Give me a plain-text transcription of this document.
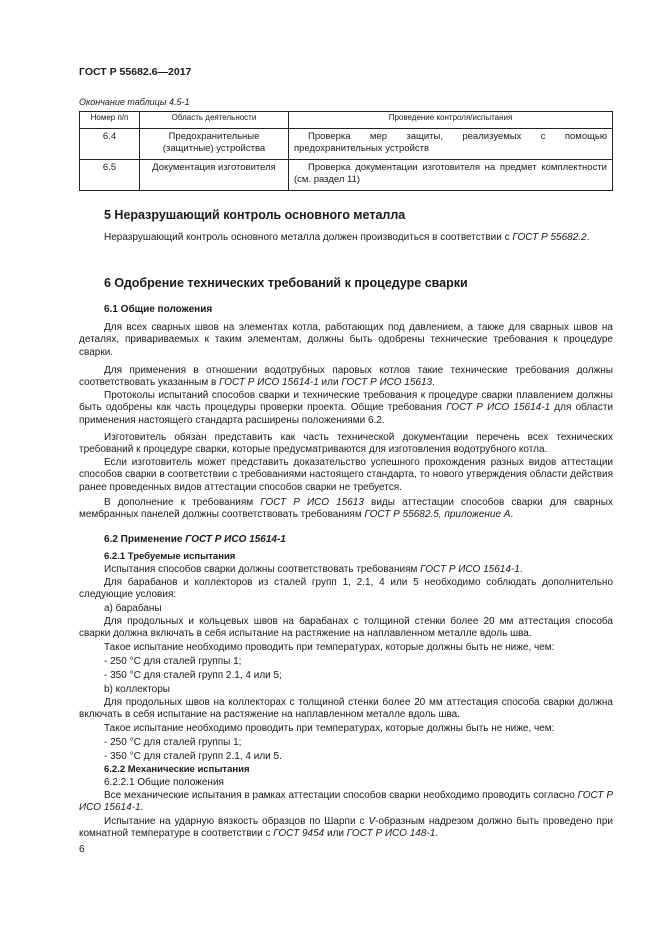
ГОСТ Р 55682.6—2017
Окончание таблицы 4.5-1
Номер п/п	Область деятельности	Проведение контроля/испытания
6.4	Предохранительные (защитные) устройства	Проверка мер защиты, реализуемых с помощью предохранительных устройств
6.5	Документация изготовителя	Проверка документации изготовителя на предмет комплектности (см. раздел 11)
5 Неразрушающий контроль основного металла

Неразрушающий контроль основного металла должен производиться в соответствии с ГОСТ Р 55682.2.

6 Одобрение технических требований к процедуре сварки
6.1 Общие положения

Для всех сварных швов на элементах котла, работающих под давлением, а также для сварных швов на деталях, привариваемых к таким элементам, должны быть одобрены технические требования к процедуре сварки.

Для применения в отношении водотрубных паровых котлов такие технические требования должны соответствовать указанным в ГОСТ Р ИСО 15614-1 или ГОСТ Р ИСО 15613.

Протоколы испытаний способов сварки и технические требования к процедуре сварки плавлением должны быть одобрены как часть процедуры проверки проекта. Общие требования ГОСТ Р ИСО 15614-1 для области применения настоящего стандарта расширены положениями 6.2.

Изготовитель обязан представить как часть технической документации перечень всех технических требований к процедуре сварки, которые предусматриваются для изготовления водотрубного котла.

Если изготовитель может представить доказательство успешного прохождения разных видов аттестации способов сварки в соответствии с требованиями настоящего стандарта, то нового утверждения области действия ранее проведенных видов аттестации способов сварки не требуется.

В дополнение к требованиям ГОСТ Р ИСО 15613 виды аттестации способов сварки для сварных мембранных панелей должны соответствовать требованиям ГОСТ Р 55682.5, приложение А.

6.2 Применение ГОСТ Р ИСО 15614-1
6.2.1 Требуемые испытания

Испытания способов сварки должны соответствовать требованиям ГОСТ Р ИСО 15614-1.

Для барабанов и коллекторов из сталей групп 1, 2.1, 4 или 5 необходимо соблюдать дополнительно следующие условия:

а) барабаны

Для продольных и кольцевых швов на барабанах с толщиной стенки более 20 мм аттестация способа сварки должна включать в себя испытание на растяжение на наплавленном металле вдоль шва.

Такое испытание необходимо проводить при температурах, которые должны быть не ниже, чем:

- 250 °С для сталей группы 1;

- 350 °С для сталей групп 2.1, 4 или 5;

b) коллекторы

Для продольных швов на коллекторах с толщиной стенки более 20 мм аттестация способа сварки должна включать в себя испытание на растяжение на наплавленном металле вдоль шва.

Такое испытание необходимо проводить при температурах, которые должны быть не ниже, чем:

- 250 °С для сталей группы 1;

- 350 °С для сталей групп 2.1, 4 или 5.

6.2.2 Механические испытания

6.2.2.1 Общие положения

Все механические испытания в рамках аттестации способов сварки необходимо проводить согласно ГОСТ Р ИСО 15614-1.

Испытание на ударную вязкость образцов по Шарпи с V-образным надрезом должно быть проведено при комнатной температуре в соответствии с ГОСТ 9454 или ГОСТ Р ИСО 148-1.

6
